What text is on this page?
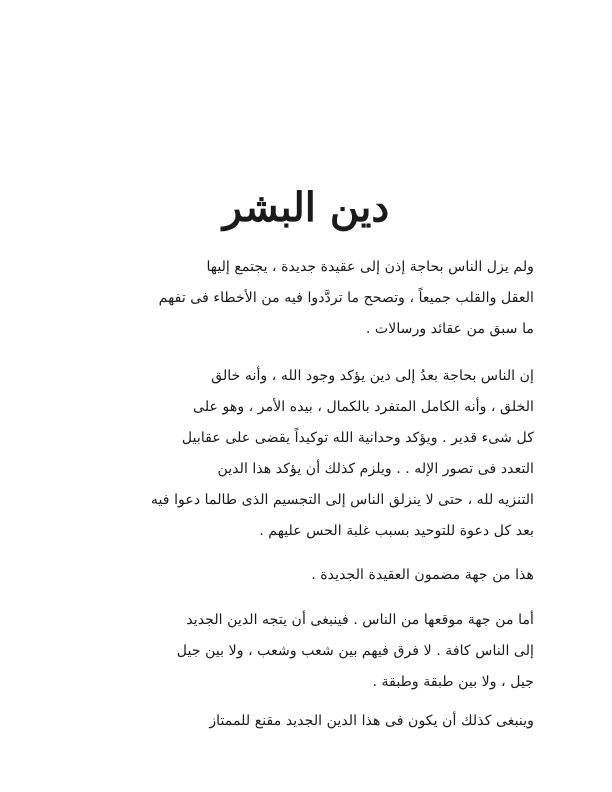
دين البشر

ولم يزل الناس بحاجة إذن إلى عقيدة جديدة ، يجتمع إليها
العقل والقلب جميعاً ، وتصحح ما تردَّدوا فيه من الأخطاء فى تفهم
ما سبق من عقائد ورسالات .

إن الناس بحاجة بعدُ إلى دين يؤكد وجود الله ، وأنه خالق
الخلق ، وأنه الكامل المتفرد بالكمال ، بيده الأمر ، وهو على
كل شىء قدير . ويؤكد وحدانية الله توكيداً يقضى على عقابيل
التعدد فى تصور الإله . . ويلزم كذلك أن يؤكد هذا الدين
التنزيه لله ، حتى لا ينزلق الناس إلى التجسيم الذى طالما دعوا فيه
بعد كل دعوة للتوحيد بسبب غلبة الحس عليهم .

هذا من جهة مضمون العقيدة الجديدة .

أما من جهة موقعها من الناس . فينبغى أن يتجه الدين الجديد
إلى الناس كافة . لا فرق فيهم بين شعب وشعب ، ولا بين جيل
جيل ، ولا بين طبقة وطبقة .

وينبغى كذلك أن يكون فى هذا الدين الجديد مقنع للممتاز
